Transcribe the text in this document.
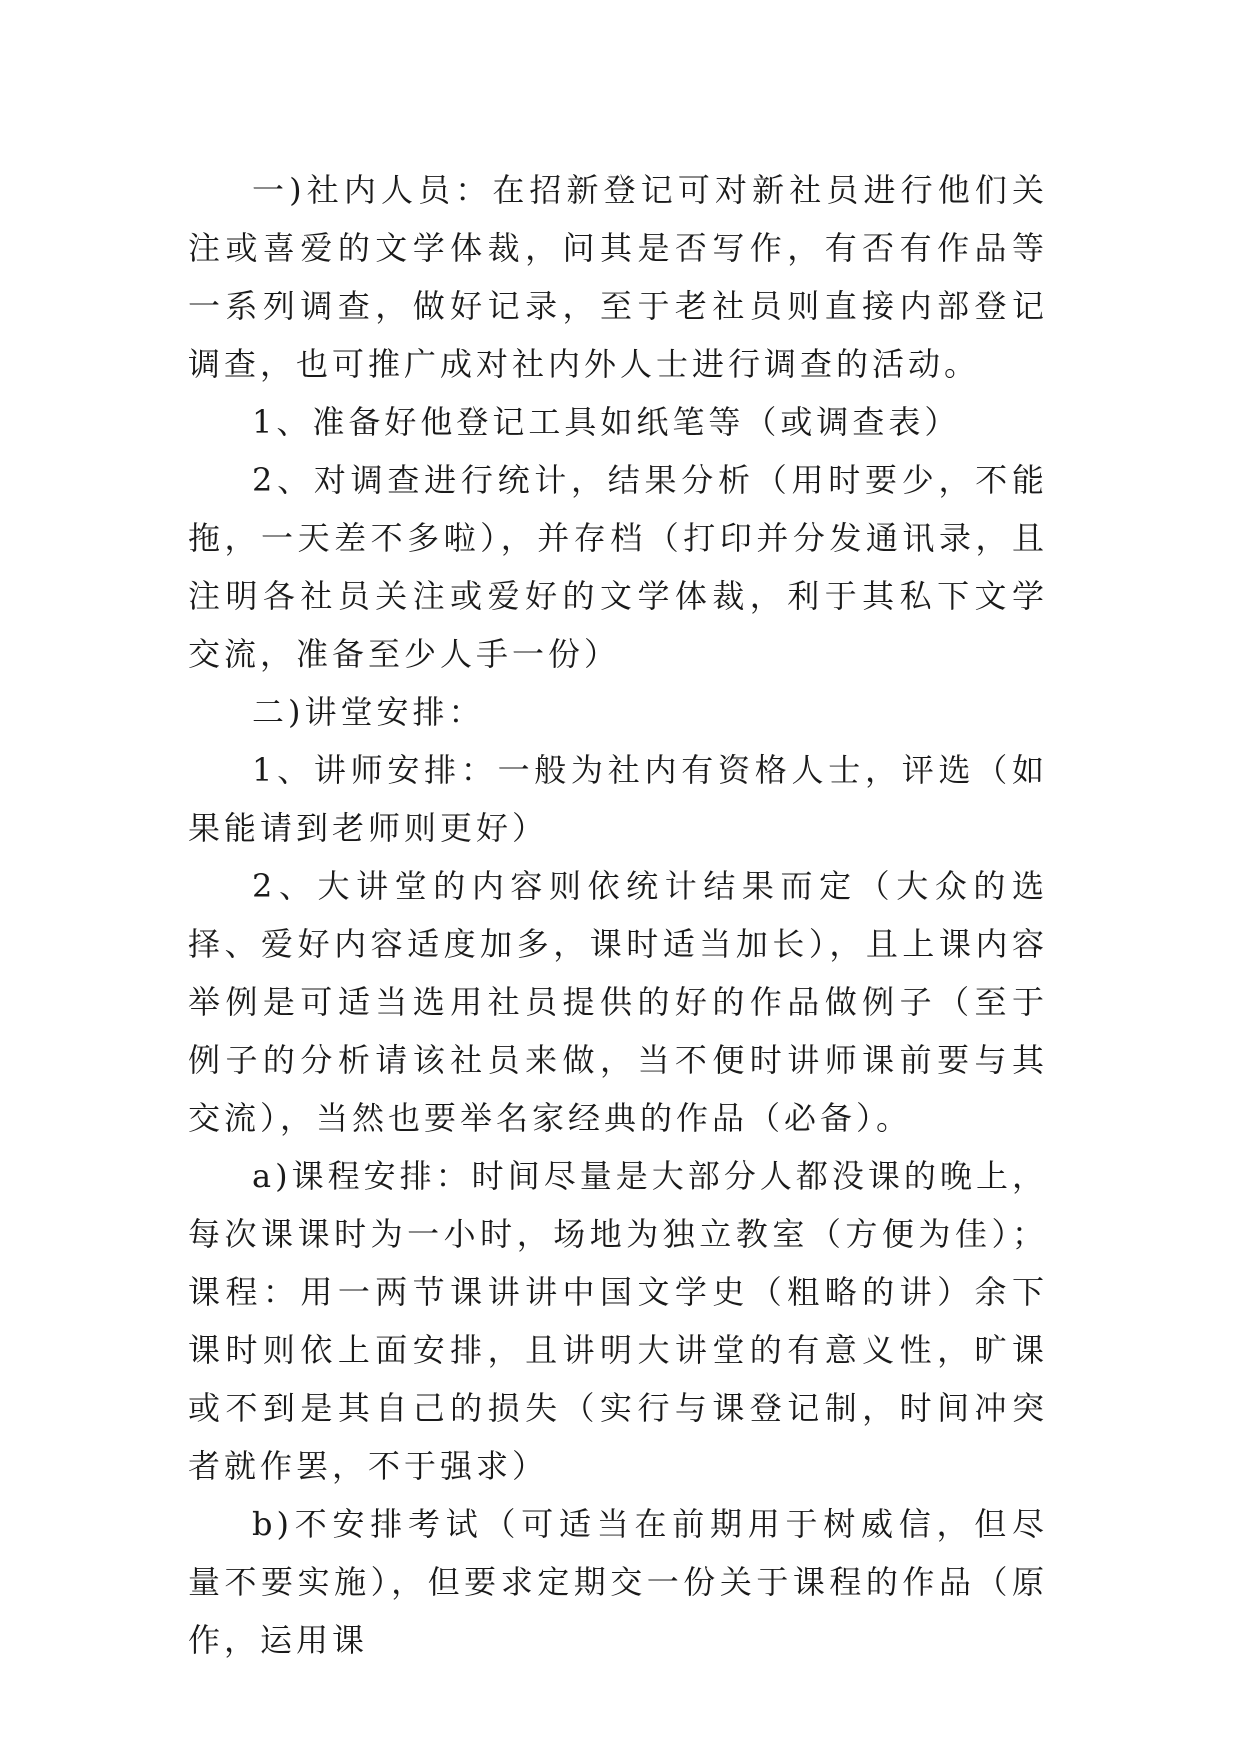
一)社内人员：在招新登记可对新社员进行他们关注或喜爱的文学体裁，问其是否写作，有否有作品等一系列调查，做好记录，至于老社员则直接内部登记调查，也可推广成对社内外人士进行调查的活动。

1、准备好他登记工具如纸笔等（或调查表）

2、对调查进行统计，结果分析（用时要少，不能拖，一天差不多啦），并存档（打印并分发通讯录，且注明各社员关注或爱好的文学体裁，利于其私下文学交流，准备至少人手一份）

二)讲堂安排：

1、讲师安排：一般为社内有资格人士，评选（如果能请到老师则更好）

2、大讲堂的内容则依统计结果而定（大众的选择、爱好内容适度加多，课时适当加长），且上课内容举例是可适当选用社员提供的好的作品做例子（至于例子的分析请该社员来做，当不便时讲师课前要与其交流），当然也要举名家经典的作品（必备）。

a)课程安排：时间尽量是大部分人都没课的晚上，每次课课时为一小时，场地为独立教室（方便为佳）；课程：用一两节课讲讲中国文学史（粗略的讲）余下课时则依上面安排，且讲明大讲堂的有意义性，旷课或不到是其自己的损失（实行与课登记制，时间冲突者就作罢，不于强求）

b)不安排考试（可适当在前期用于树威信，但尽量不要实施），但要求定期交一份关于课程的作品（原作，运用课
